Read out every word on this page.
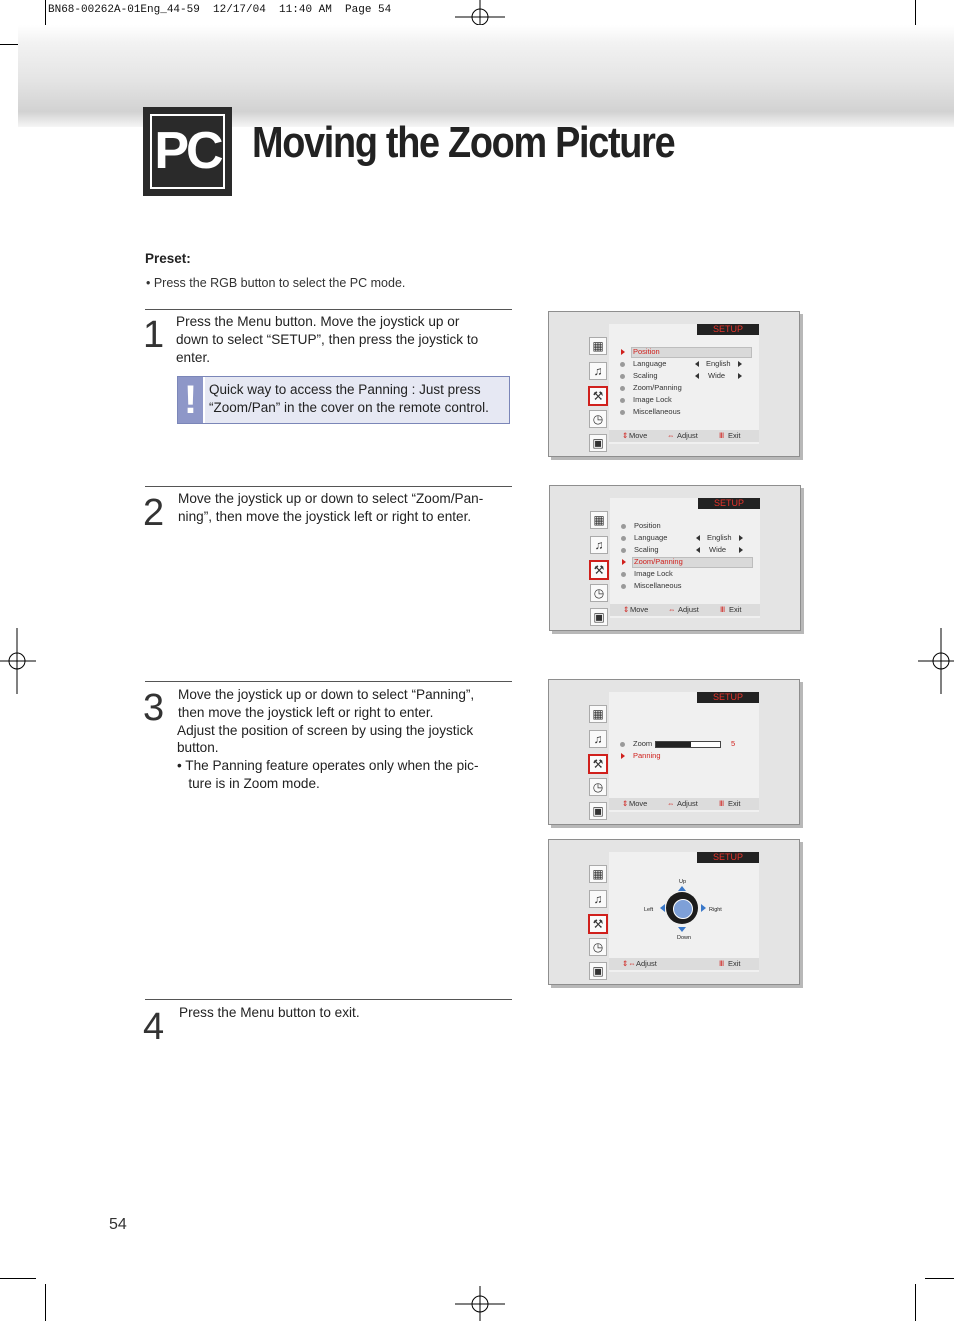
BN68-00262A-01Eng_44-59  12/17/04  11:40 AM  Page 54
PC Moving the Zoom Picture
Preset:
• Press the RGB button to select the PC mode.
1 Press the Menu button. Move the joystick up or
down to select “SETUP”, then press the joystick to
enter.
! Quick way to access the Panning : Just press
“Zoom/Pan” in the cover on the remote control.
2 Move the joystick up or down to select “Zoom/Pan-
ning”, then move the joystick left or right to enter.
3 Move the joystick up or down to select “Panning”,
then move the joystick left or right to enter.
Adjust the position of screen by using the joystick
button.
• The Panning feature operates only when the pic-
ture is in Zoom mode.
4 Press the Menu button to exit.
▦
♫
⚒
◷
▣
SETUP
Position
Language	English
Scaling	Wide
Zoom/Panning
Image Lock
Miscellaneous
⇕ Move	⇔ Adjust	Ⅲ Exit
▦
♫
⚒
◷
▣
SETUP
Position
Language	English
Scaling	Wide
Zoom/Panning
Image Lock
Miscellaneous
⇕ Move	⇔ Adjust	Ⅲ Exit
▦
♫
⚒
◷
▣
SETUP
Zoom	5
Panning
⇕ Move	⇔ Adjust	Ⅲ Exit
▦
♫
⚒
◷
▣
SETUP
Up
Down
Left	Right
⇕⇔ Adjust	Ⅲ Exit
54
